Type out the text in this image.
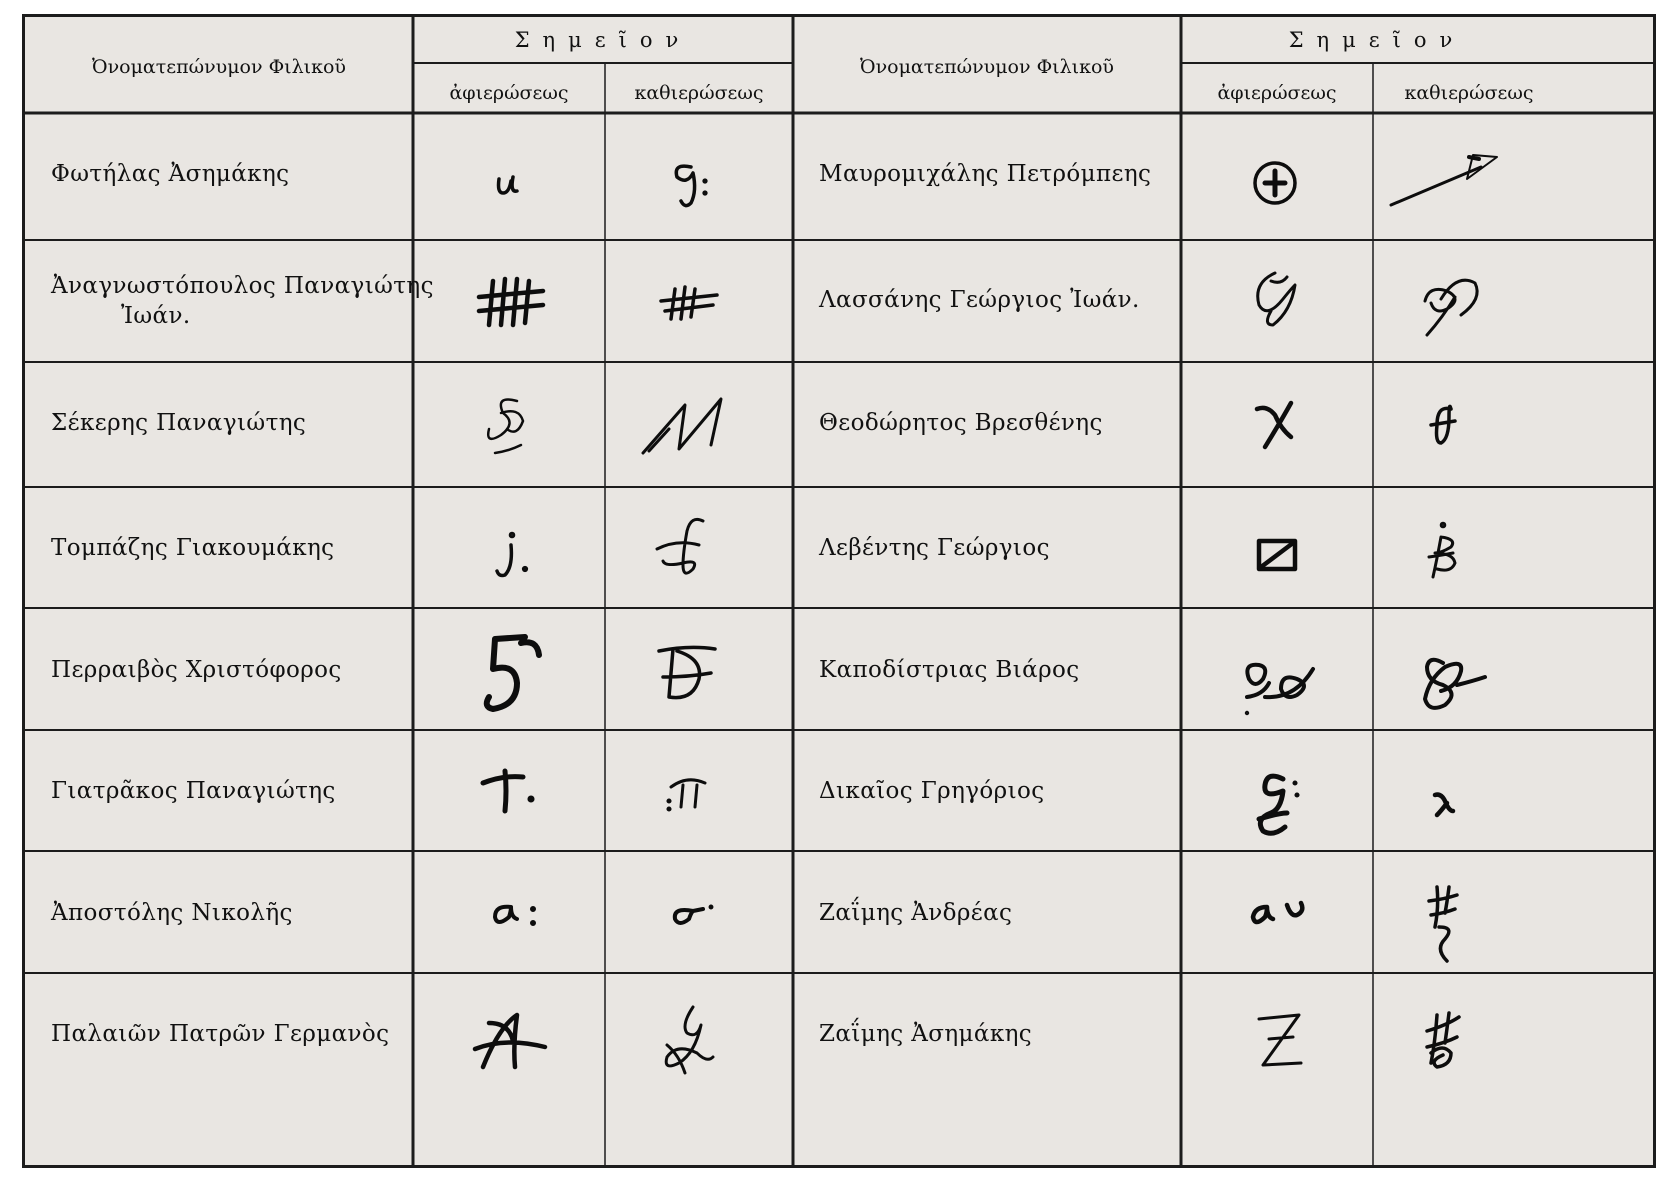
Ὀνοματεπώνυμον Φιλικοῦ
Σημεῖον
ἀφιερώσεως	καθιερώσεως
Ὀνοματεπώνυμον Φιλικοῦ
Σημεῖον
ἀφιερώσεως	καθιερώσεως
Φωτήλας Ἀσημάκης
Ἀναγνωστόπουλος Παναγιώτης
Ἰωάν.
Σέκερης Παναγιώτης
Τομπάζης Γιακουμάκης
Περραιβὸς Χριστόφορος
Γιατρᾶκος Παναγιώτης
Ἀποστόλης Νικολῆς
Παλαιῶν Πατρῶν Γερμανὸς
Μαυρομιχάλης Πετρόμπεης
Λασσάνης Γεώργιος Ἰωάν.
Θεοδώρητος Βρεσθένης
Λεβέντης Γεώργιος
Καποδίστριας Βιάρος
Δικαῖος Γρηγόριος
Ζαΐμης Ἀνδρέας
Ζαΐμης Ἀσημάκης
